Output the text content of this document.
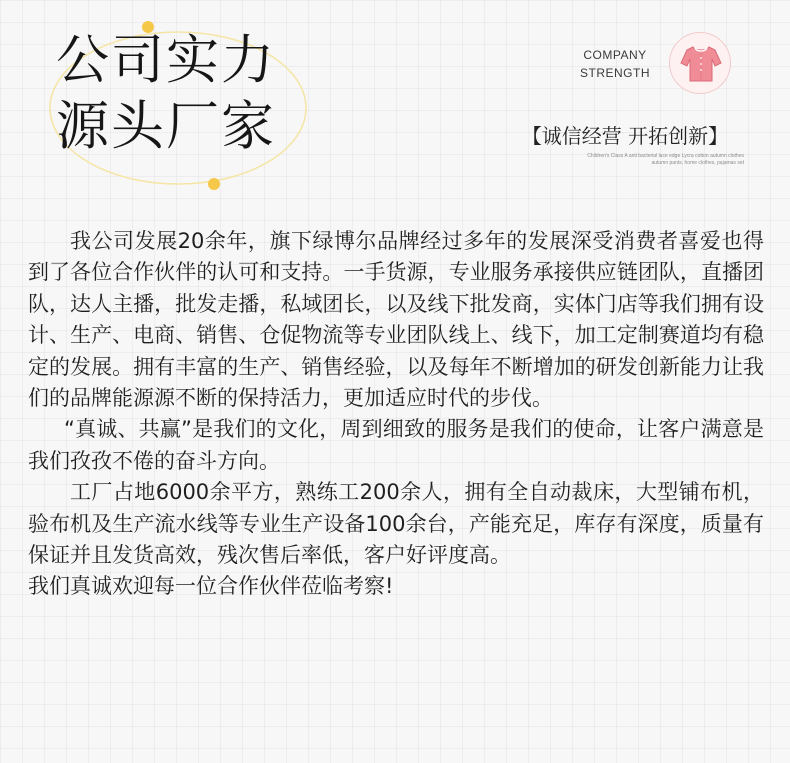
公司实力
源头厂家
COMPANY
STRENGTH
【诚信经营 开拓创新】
Children's Class A anti bacterial lace edge Lycra cotton autumn clothes
autumn pants, home clothes, pajamas set

我公司发展20余年，旗下绿博尔品牌经过多年的发展深受消费者喜爱也得到了各位合作伙伴的认可和支持。一手货源，专业服务承接供应链团队，直播团队，达人主播，批发走播，私域团长，以及线下批发商，实体门店等我们拥有设计、生产、电商、销售、仓促物流等专业团队线上、线下，加工定制赛道均有稳定的发展。拥有丰富的生产、销售经验，以及每年不断增加的研发创新能力让我们的品牌能源源不断的保持活力，更加适应时代的步伐。

“真诚、共赢”是我们的文化，周到细致的服务是我们的使命，让客户满意是我们孜孜不倦的奋斗方向。

工厂占地6000余平方，熟练工200余人，拥有全自动裁床，大型铺布机，验布机及生产流水线等专业生产设备100余台，产能充足，库存有深度，质量有保证并且发货高效，残次售后率低，客户好评度高。

我们真诚欢迎每一位合作伙伴莅临考察!
